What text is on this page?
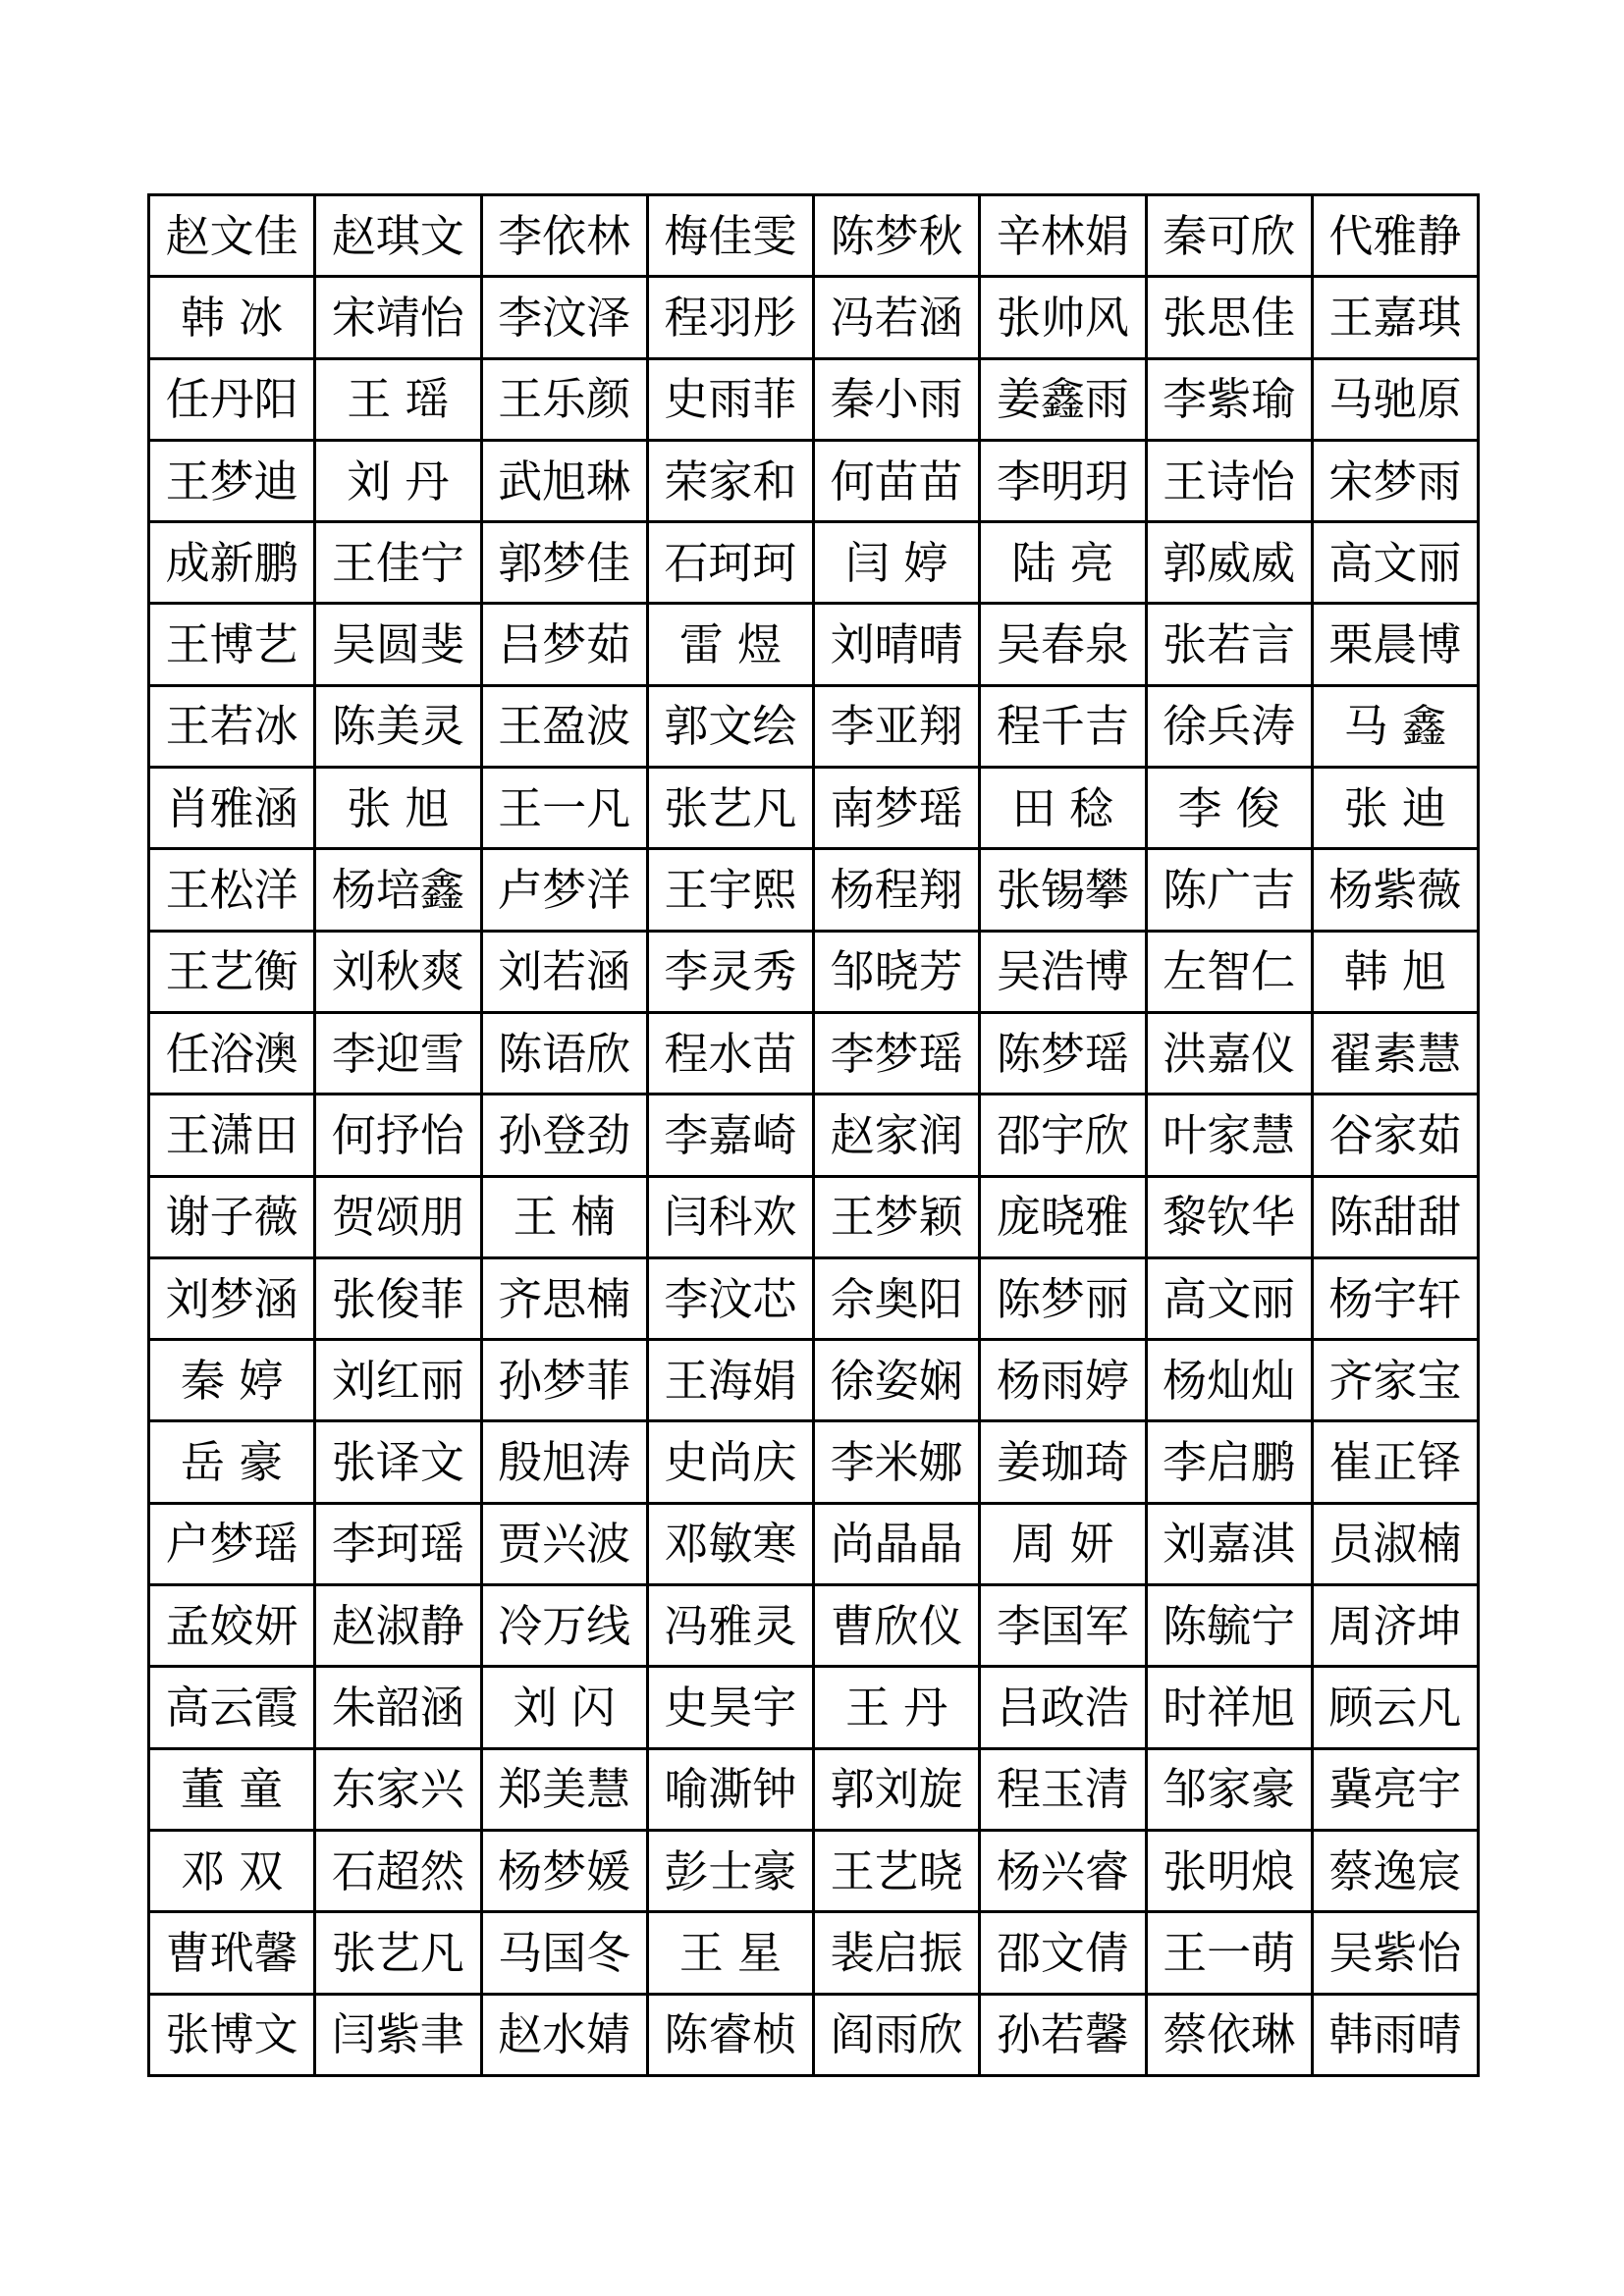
赵文佳	赵琪文	李依林	梅佳雯	陈梦秋	辛林娟	秦可欣	代雅静
韩 冰	宋靖怡	李汶泽	程羽彤	冯若涵	张帅风	张思佳	王嘉琪
任丹阳	王 瑶	王乐颜	史雨菲	秦小雨	姜鑫雨	李紫瑜	马驰原
王梦迪	刘 丹	武旭琳	荣家和	何苗苗	李明玥	王诗怡	宋梦雨
成新鹏	王佳宁	郭梦佳	石珂珂	闫 婷	陆 亮	郭威威	高文丽
王博艺	吴圆斐	吕梦茹	雷 煜	刘晴晴	吴春泉	张若言	栗晨博
王若冰	陈美灵	王盈波	郭文绘	李亚翔	程千吉	徐兵涛	马 鑫
肖雅涵	张 旭	王一凡	张艺凡	南梦瑶	田 稔	李 俊	张 迪
王松洋	杨培鑫	卢梦洋	王宇熙	杨程翔	张锡攀	陈广吉	杨紫薇
王艺衡	刘秋爽	刘若涵	李灵秀	邹晓芳	吴浩博	左智仁	韩 旭
任浴澳	李迎雪	陈语欣	程水苗	李梦瑶	陈梦瑶	洪嘉仪	翟素慧
王潇田	何抒怡	孙登劲	李嘉崎	赵家润	邵宇欣	叶家慧	谷家茹
谢子薇	贺颂朋	王 楠	闫科欢	王梦颖	庞晓雅	黎钦华	陈甜甜
刘梦涵	张俊菲	齐思楠	李汶芯	佘奥阳	陈梦丽	高文丽	杨宇轩
秦 婷	刘红丽	孙梦菲	王海娟	徐姿娴	杨雨婷	杨灿灿	齐家宝
岳 豪	张译文	殷旭涛	史尚庆	李米娜	姜珈琦	李启鹏	崔正铎
户梦瑶	李珂瑶	贾兴波	邓敏寒	尚晶晶	周 妍	刘嘉淇	员淑楠
孟姣妍	赵淑静	冷万线	冯雅灵	曹欣仪	李国军	陈毓宁	周济坤
高云霞	朱韶涵	刘 闪	史昊宇	王 丹	吕政浩	时祥旭	顾云凡
董 童	东家兴	郑美慧	喻澌钟	郭刘旋	程玉清	邹家豪	冀亮宇
邓 双	石超然	杨梦媛	彭士豪	王艺晓	杨兴睿	张明烺	蔡逸宸
曹玳馨	张艺凡	马国冬	王 星	裴启振	邵文倩	王一萌	吴紫怡
张博文	闫紫聿	赵水婧	陈睿桢	阎雨欣	孙若馨	蔡依琳	韩雨晴
